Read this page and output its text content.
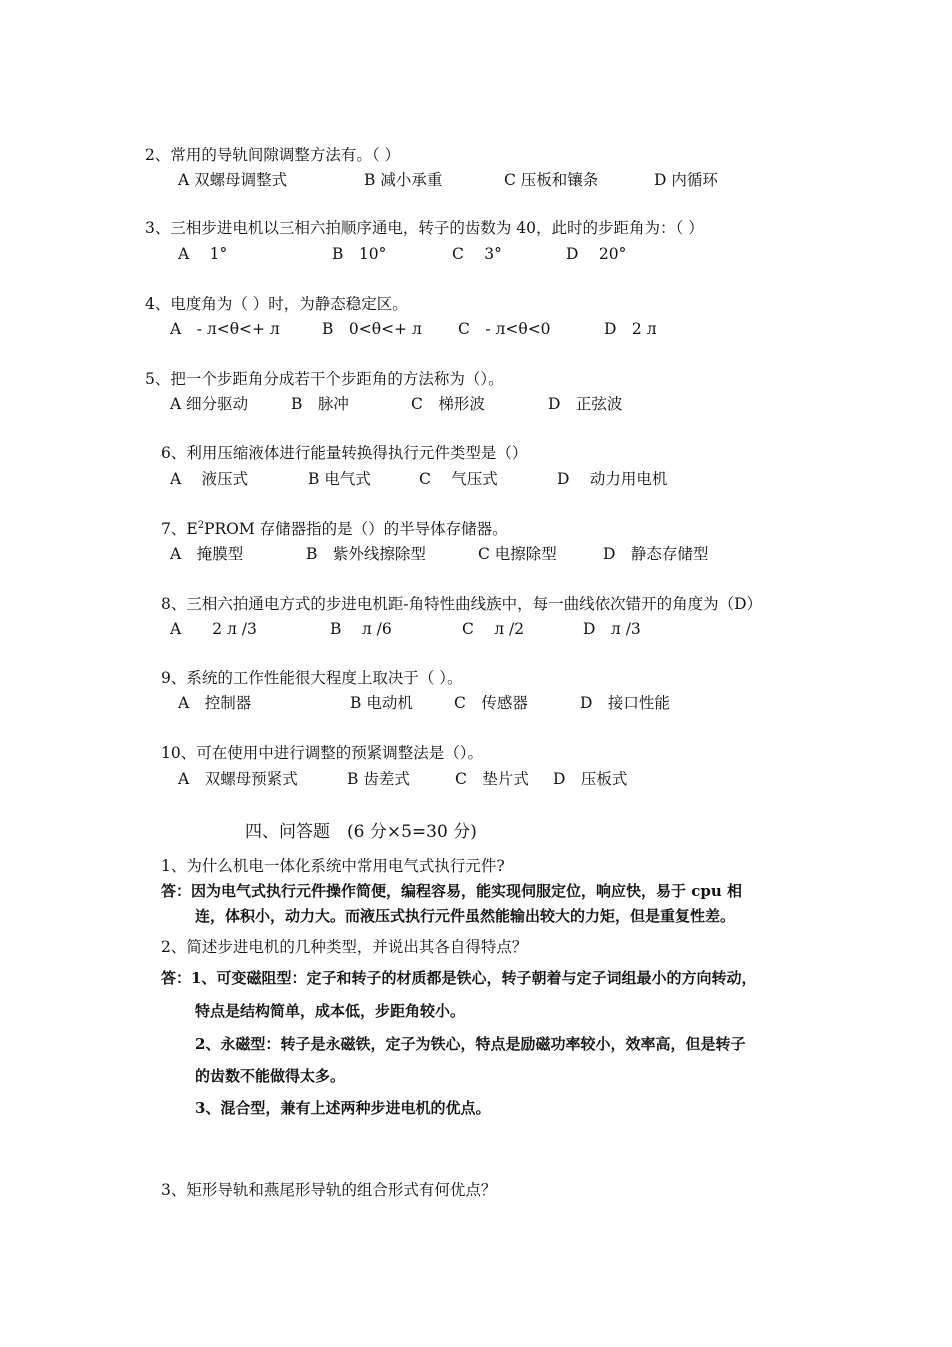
2、常用的导轨间隙调整方法有。（ ）
A 双螺母调整式	B 减小承重	C 压板和镶条	D 内循环
3、三相步进电机以三相六拍顺序通电，转子的齿数为 40，此时的步距角为：（ ）
A　 1°	B　10°	C　 3°	D　 20°
4、电度角为（ ）时，为静态稳定区。
A　- л<θ<+ л	B　0<θ<+ л C　- л<θ<0	D　2 л
5、把一个步距角分成若干个步距角的方法称为（）。
A 细分驱动	B　脉冲	C　梯形波	D　正弦波
6、利用压缩液体进行能量转换得执行元件类型是（）
A　 液压式	B 电气式	C　 气压式	D　 动力用电机
7、$E^2PROM$ 存储器指的是（）的半导体存储器。
A　掩膜型	B　紫外线擦除型	C 电擦除型	D　静态存储型
8、三相六拍通电方式的步进电机距-角特性曲线族中，每一曲线依次错开的角度为（D）
A　　2 л /3	B　 л /6	C　 л /2	D　л /3
9、系统的工作性能很大程度上取决于（ ）。
A　控制器	B 电动机	C　传感器	D　接口性能
10、可在使用中进行调整的预紧调整法是（）。
A　双螺母预紧式	B 齿差式	C　垫片式 D　压板式
四、问答题　(6 分×5=30 分)
1、为什么机电一体化系统中常用电气式执行元件?
答：因为电气式执行元件操作简便，编程容易，能实现伺服定位，响应快，易于 cpu 相
连，体积小，动力大。而液压式执行元件虽然能输出较大的力矩，但是重复性差。
2、简述步进电机的几种类型，并说出其各自得特点？
答：1、可变磁阻型：定子和转子的材质都是铁心，转子朝着与定子词组最小的方向转动，
特点是结构简单，成本低，步距角较小。
2、永磁型：转子是永磁铁，定子为铁心，特点是励磁功率较小，效率高，但是转子
的齿数不能做得太多。
3、混合型，兼有上述两种步进电机的优点。
3、矩形导轨和燕尾形导轨的组合形式有何优点？
